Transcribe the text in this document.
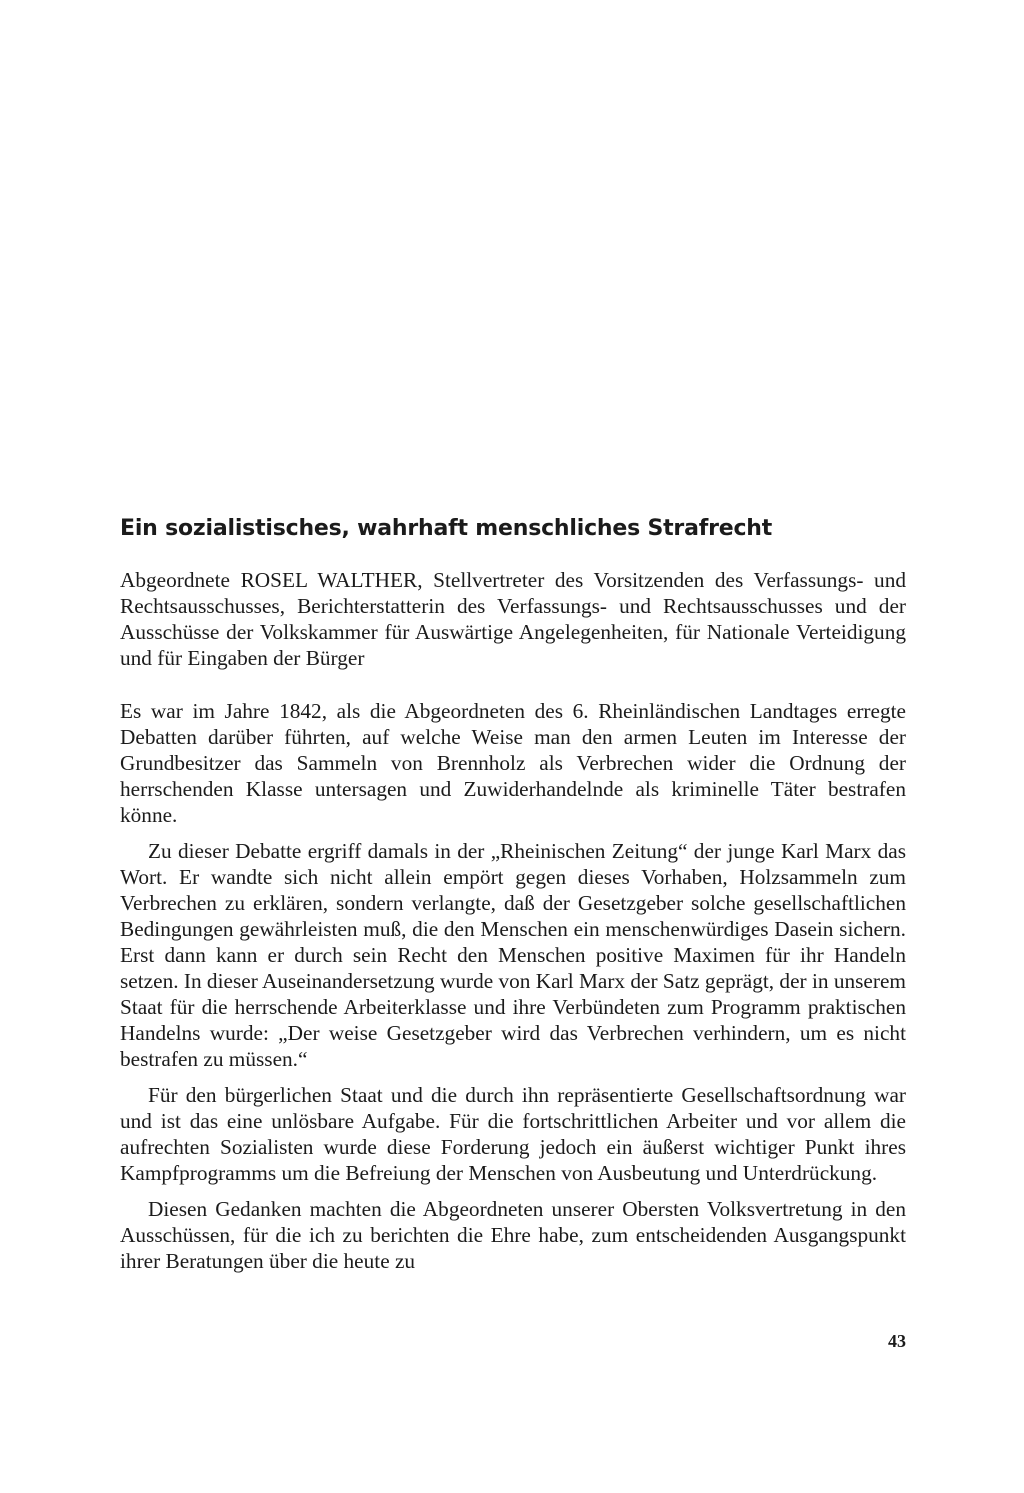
Ein sozialistisches, wahrhaft menschliches Strafrecht

Abgeordnete ROSEL WALTHER, Stellvertreter des Vorsitzenden des Verfassungs- und Rechtsausschusses, Berichterstatterin des Verfassungs- und Rechtsausschusses und der Ausschüsse der Volkskammer für Auswärtige Angelegenheiten, für Nationale Verteidigung und für Eingaben der Bürger

Es war im Jahre 1842, als die Abgeordneten des 6. Rheinländischen Landtages erregte Debatten darüber führten, auf welche Weise man den armen Leuten im Interesse der Grundbesitzer das Sammeln von Brennholz als Verbrechen wider die Ordnung der herrschenden Klasse untersagen und Zuwiderhandelnde als kriminelle Täter bestrafen könne.

Zu dieser Debatte ergriff damals in der „Rheinischen Zeitung“ der junge Karl Marx das Wort. Er wandte sich nicht allein empört gegen dieses Vorhaben, Holzsammeln zum Verbrechen zu erklären, sondern verlangte, daß der Gesetzgeber solche gesellschaftlichen Bedingungen gewährleisten muß, die den Menschen ein menschenwürdiges Dasein sichern. Erst dann kann er durch sein Recht den Menschen positive Maximen für ihr Handeln setzen. In dieser Auseinandersetzung wurde von Karl Marx der Satz geprägt, der in unserem Staat für die herrschende Arbeiterklasse und ihre Verbündeten zum Programm praktischen Handelns wurde: „Der weise Gesetzgeber wird das Verbrechen verhindern, um es nicht bestrafen zu müssen.“

Für den bürgerlichen Staat und die durch ihn repräsentierte Gesellschaftsordnung war und ist das eine unlösbare Aufgabe. Für die fortschrittlichen Arbeiter und vor allem die aufrechten Sozialisten wurde diese Forderung jedoch ein äußerst wichtiger Punkt ihres Kampfprogramms um die Befreiung der Menschen von Ausbeutung und Unterdrückung.

Diesen Gedanken machten die Abgeordneten unserer Obersten Volksvertretung in den Ausschüssen, für die ich zu berichten die Ehre habe, zum entscheidenden Ausgangspunkt ihrer Beratungen über die heute zu

43
